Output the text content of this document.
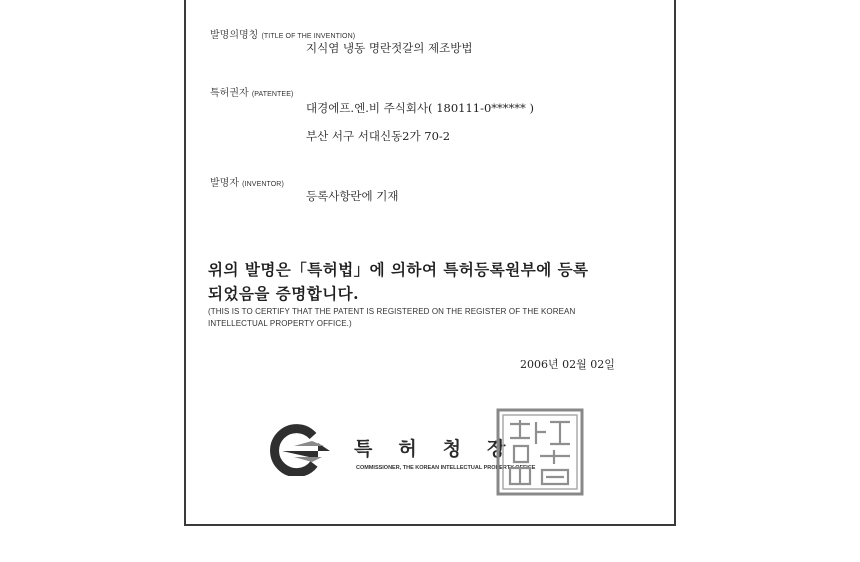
발명의명칭 (TITLE OF THE INVENTION)
지식염 냉동 명란젓갈의 제조방법
특허권자 (PATENTEE)
대경에프.엔.비 주식회사( 180111-0****** )
부산 서구 서대신동2가 70-2
발명자 (INVENTOR)
등록사항란에 기재
위의 발명은「특허법」에 의하여 특허등록원부에 등록
되었음을 증명합니다.
(THIS IS TO CERTIFY THAT THE PATENT IS REGISTERED ON THE REGISTER OF THE KOREAN
INTELLECTUAL PROPERTY OFFICE.)
2006년 02월 02일
특허청장
COMMISSIONER, THE KOREAN INTELLECTUAL PROPERTY OFFICE
